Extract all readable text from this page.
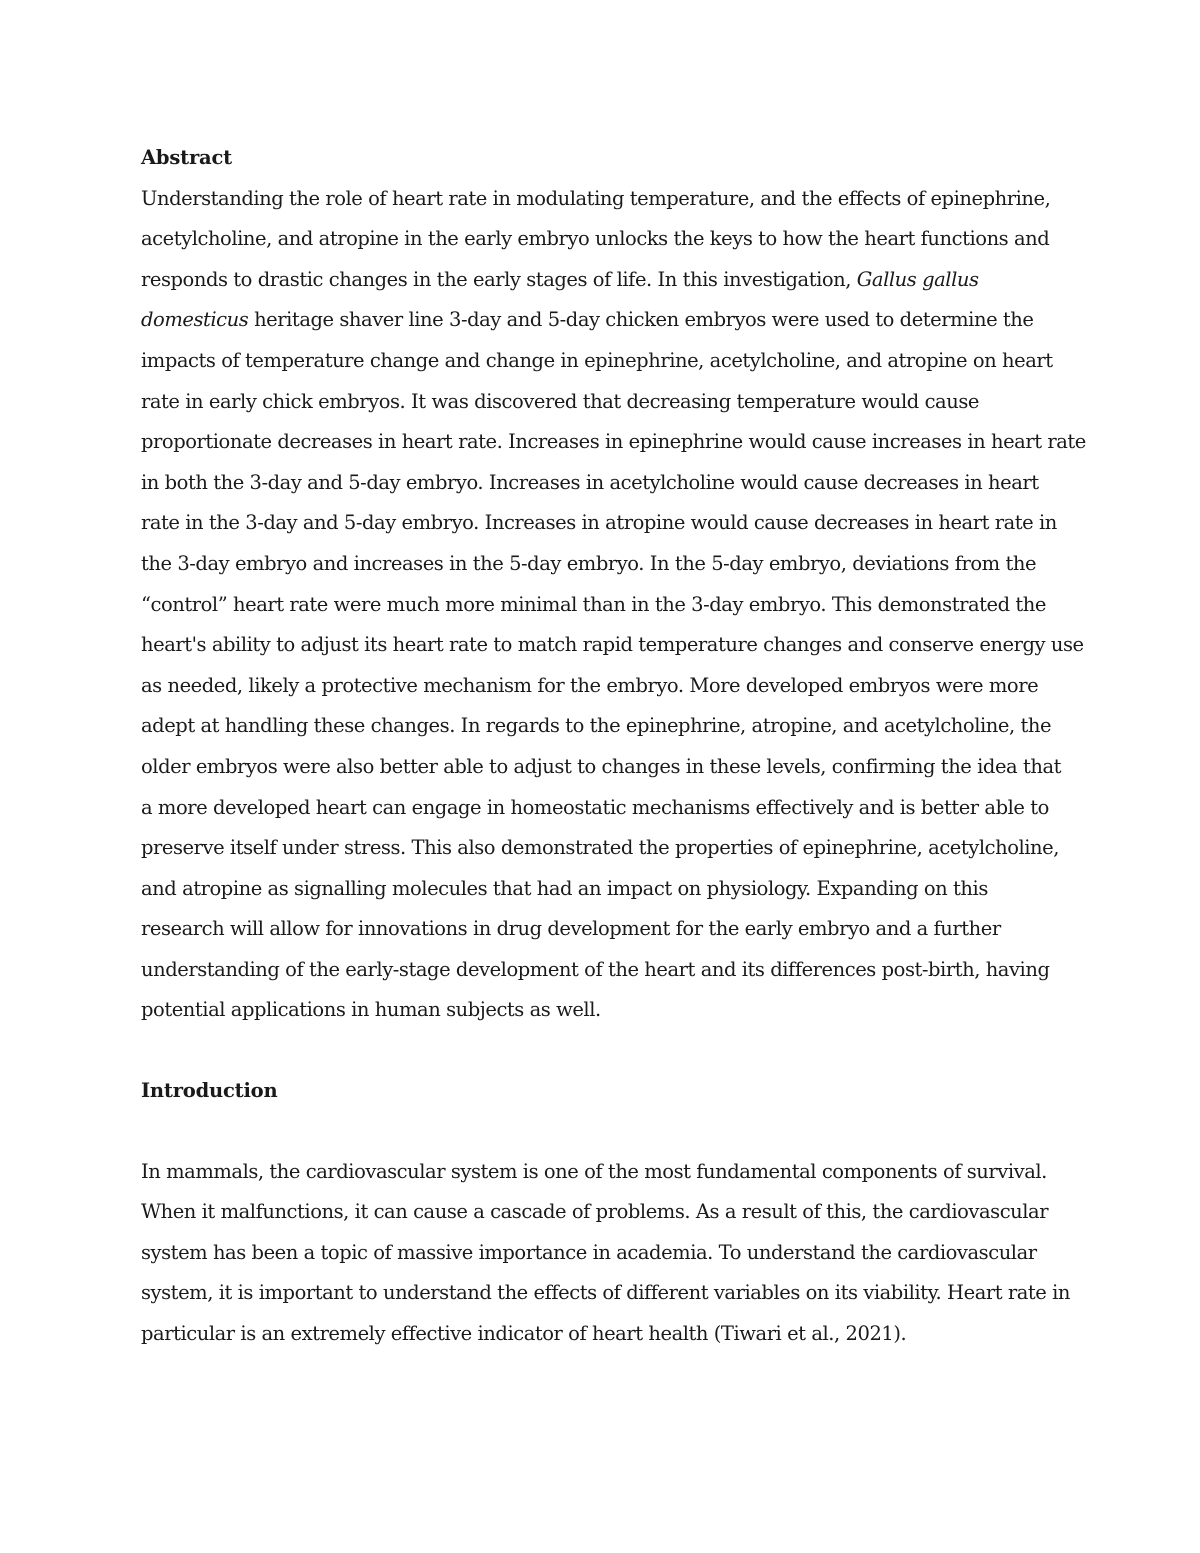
Abstract

Understanding the role of heart rate in modulating temperature, and the effects of epinephrine,
acetylcholine, and atropine in the early embryo unlocks the keys to how the heart functions and
responds to drastic changes in the early stages of life. In this investigation, Gallus gallus
domesticus heritage shaver line 3-day and 5-day chicken embryos were used to determine the
impacts of temperature change and change in epinephrine, acetylcholine, and atropine on heart
rate in early chick embryos. It was discovered that decreasing temperature would cause
proportionate decreases in heart rate. Increases in epinephrine would cause increases in heart rate
in both the 3-day and 5-day embryo. Increases in acetylcholine would cause decreases in heart
rate in the 3-day and 5-day embryo. Increases in atropine would cause decreases in heart rate in
the 3-day embryo and increases in the 5-day embryo. In the 5-day embryo, deviations from the
“control” heart rate were much more minimal than in the 3-day embryo. This demonstrated the
heart's ability to adjust its heart rate to match rapid temperature changes and conserve energy use
as needed, likely a protective mechanism for the embryo. More developed embryos were more
adept at handling these changes. In regards to the epinephrine, atropine, and acetylcholine, the
older embryos were also better able to adjust to changes in these levels, confirming the idea that
a more developed heart can engage in homeostatic mechanisms effectively and is better able to
preserve itself under stress. This also demonstrated the properties of epinephrine, acetylcholine,
and atropine as signalling molecules that had an impact on physiology. Expanding on this
research will allow for innovations in drug development for the early embryo and a further
understanding of the early-stage development of the heart and its differences post-birth, having
potential applications in human subjects as well.

Introduction

In mammals, the cardiovascular system is one of the most fundamental components of survival.
When it malfunctions, it can cause a cascade of problems. As a result of this, the cardiovascular
system has been a topic of massive importance in academia. To understand the cardiovascular
system, it is important to understand the effects of different variables on its viability. Heart rate in
particular is an extremely effective indicator of heart health (Tiwari et al., 2021).
